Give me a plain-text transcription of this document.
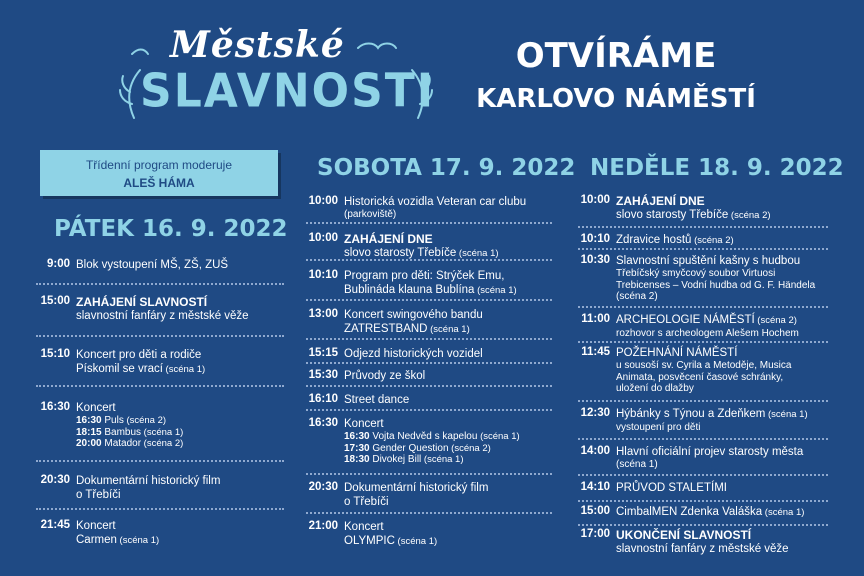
Městské
SLAVNOSTI
OTVÍRÁME
KARLOVO NÁMĚSTÍ
Třídenní program moderuje
ALEŠ HÁMA
PÁTEK 16. 9. 2022
SOBOTA 17. 9. 2022 NEDĚLE 18. 9. 2022
9:00 Blok vystoupení MŠ, ZŠ, ZUŠ
15:00 ZAHÁJENÍ SLAVNOSTÍ
slavnostní fanfáry z městské věže
15:10 Koncert pro děti a rodiče
Pískomil se vrací (scéna 1)
16:30 Koncert
16:30 Puls (scéna 2)
18:15 Bambus (scéna 1)
20:00 Matador (scéna 2)
20:30 Dokumentární historický film
o Třebíči
21:45 Koncert
Carmen (scéna 1)
10:00 Historická vozidla Veteran car clubu
(parkoviště)
10:00 ZAHÁJENÍ DNE
slovo starosty Třebíče (scéna 1)
10:10 Program pro děti: Strýček Emu,
Bublináda klauna Bublína (scéna 1)
13:00 Koncert swingového bandu
ZATRESTBAND (scéna 1)
15:15 Odjezd historických vozidel
15:30 Průvody ze škol
16:10 Street dance
16:30 Koncert
16:30 Vojta Nedvěd s kapelou (scéna 1)
17:30 Gender Question (scéna 2)
18:30 Divokej Bill (scéna 1)
20:30 Dokumentární historický film
o Třebíči
21:00 Koncert
OLYMPIC (scéna 1)
10:00 ZAHÁJENÍ DNE
slovo starosty Třebíče (scéna 2)
10:10 Zdravice hostů (scéna 2)
10:30 Slavnostní spuštění kašny s hudbou
Třebíčský smyčcový soubor Virtuosi
Trebicenses – Vodní hudba od G. F. Händela
(scéna 2)
11:00 ARCHEOLOGIE NÁMĚSTÍ (scéna 2)
rozhovor s archeologem Alešem Hochem
11:45 POŽEHNÁNÍ NÁMĚSTÍ
u sousoší sv. Cyrila a Metoděje, Musica
Animata, posvěcení časové schránky,
uložení do dlažby
12:30 Hýbánky s Týnou a Zdeňkem (scéna 1)
vystoupení pro děti
14:00 Hlavní oficiální projev starosty města
(scéna 1)
14:10 PRŮVOD STALETÍMI
15:00 CimbalMEN Zdenka Valáška (scéna 1)
17:00 UKONČENÍ SLAVNOSTÍ
slavnostní fanfáry z městské věže
